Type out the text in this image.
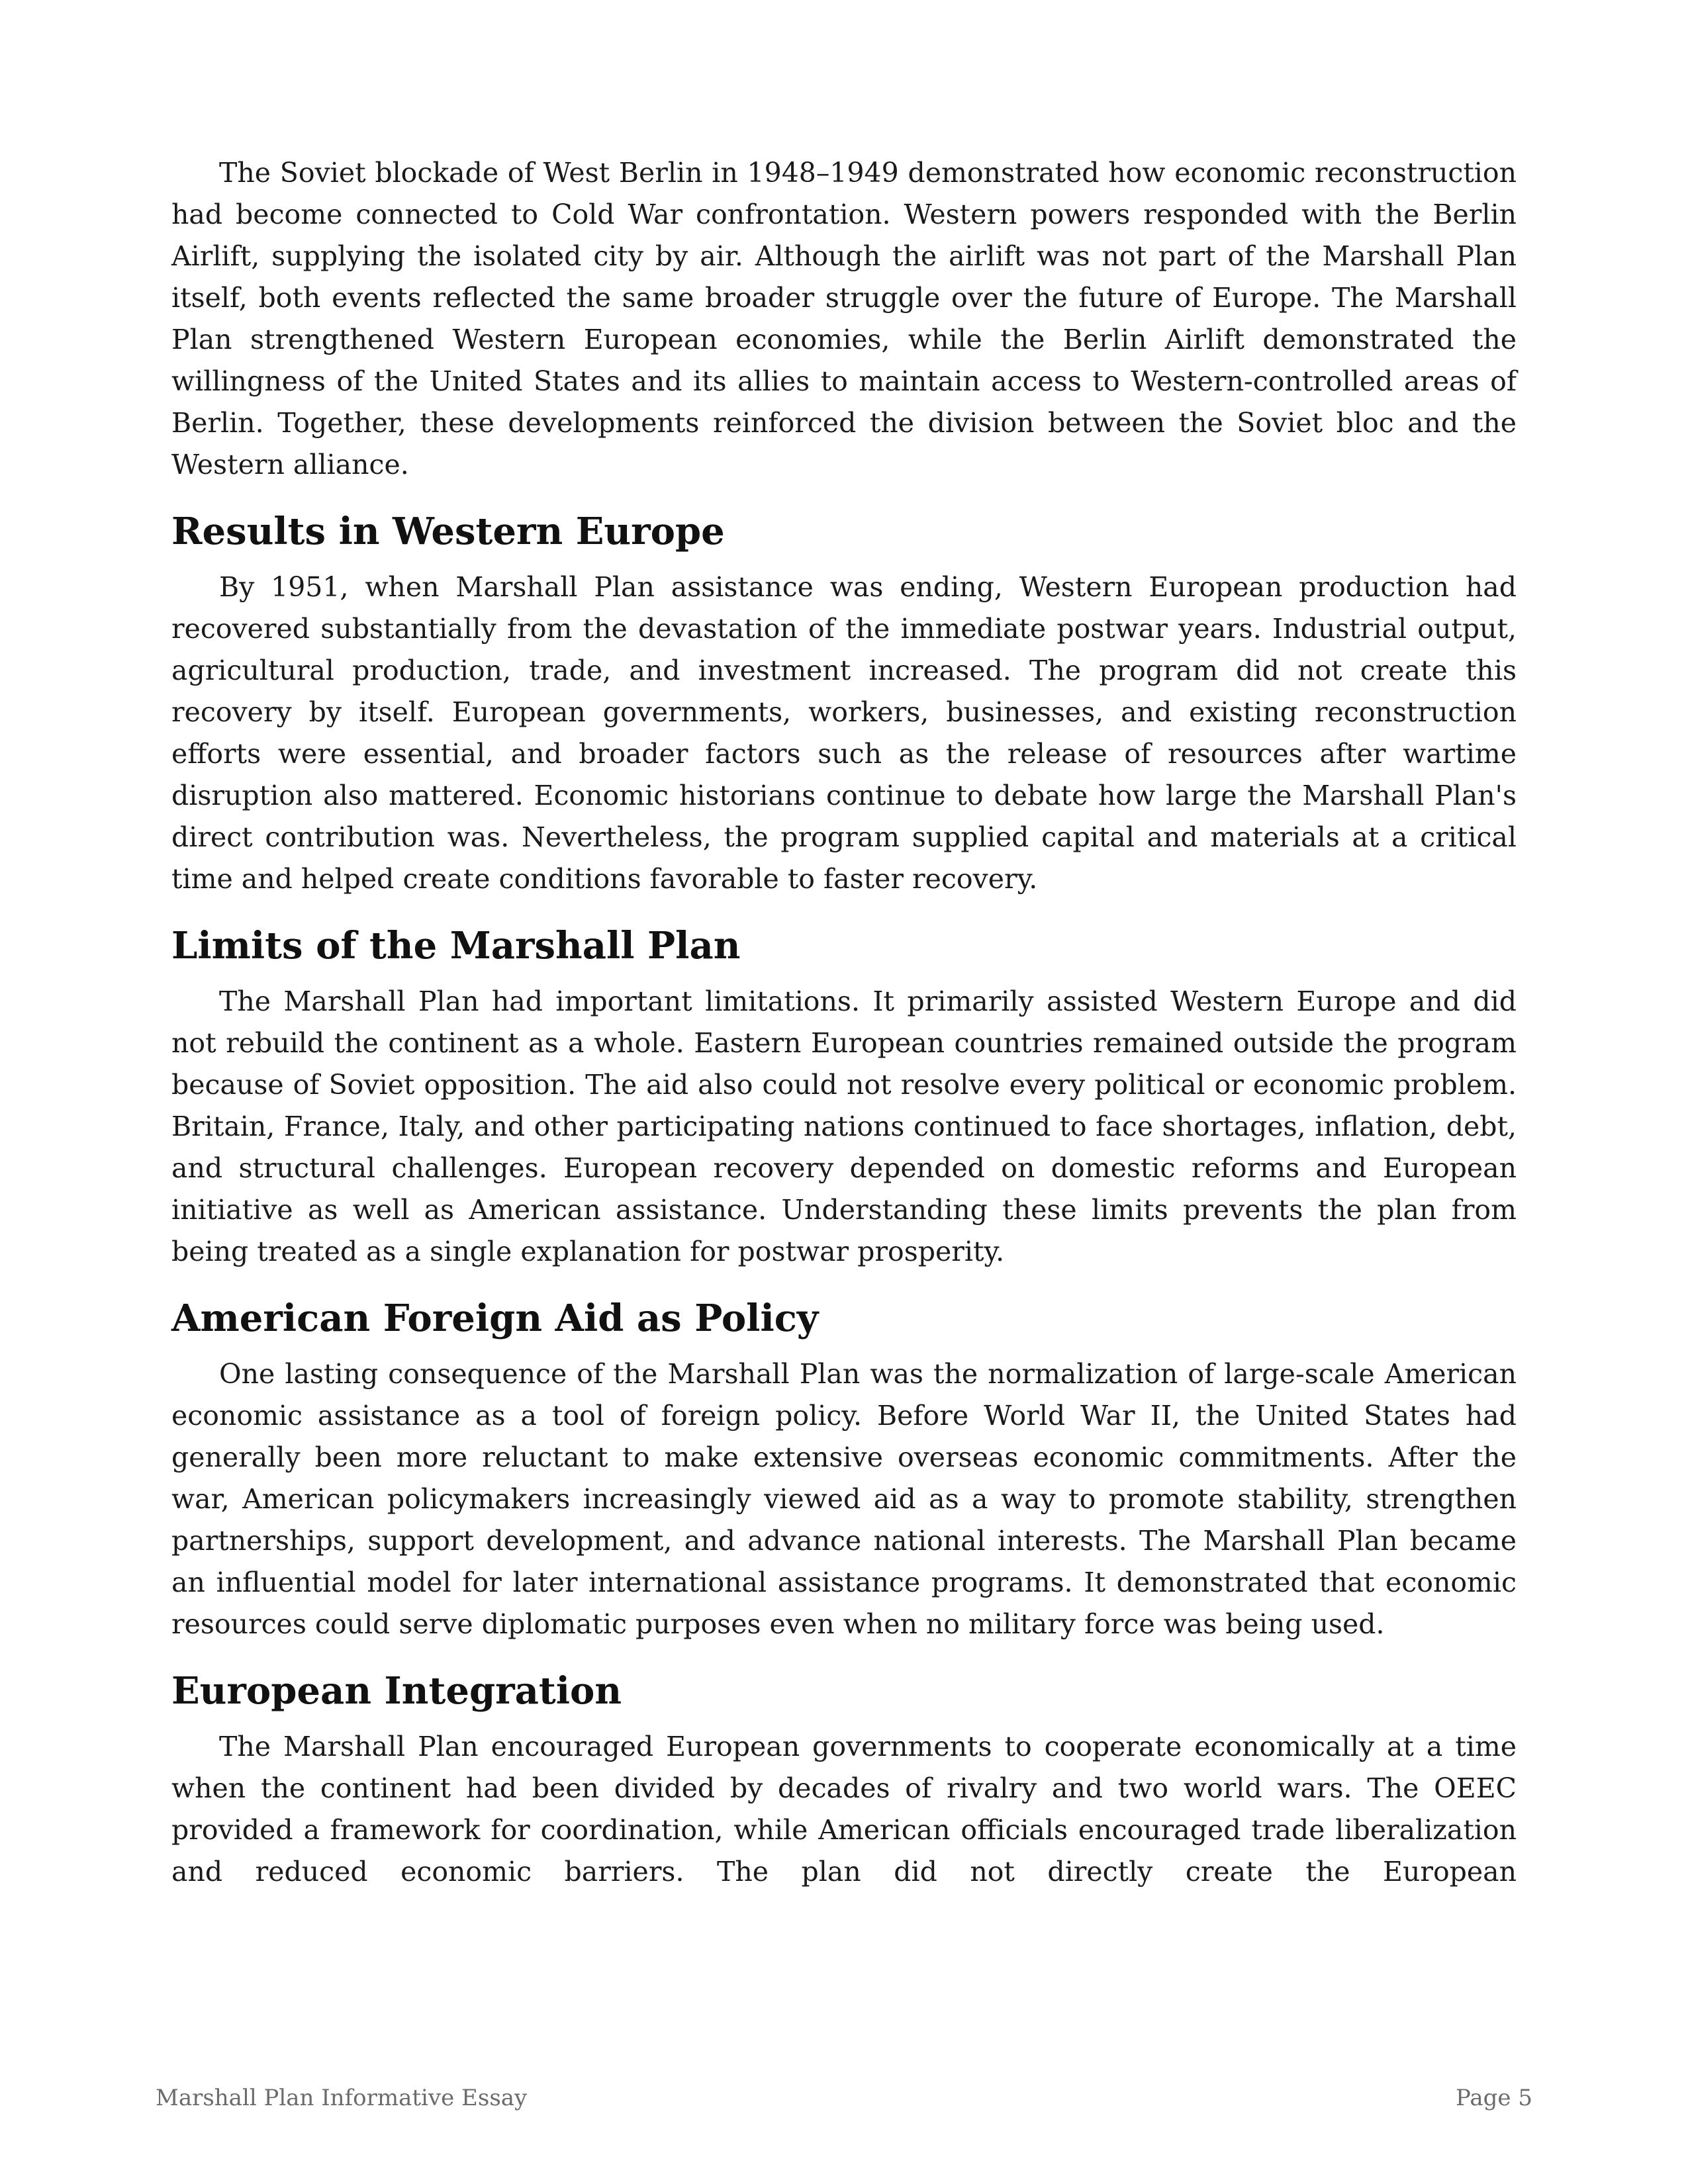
The Soviet blockade of West Berlin in 1948–1949 demonstrated how economic reconstruction had become connected to Cold War confrontation. Western powers responded with the Berlin Airlift, supplying the isolated city by air. Although the airlift was not part of the Marshall Plan itself, both events reflected the same broader struggle over the future of Europe. The Marshall Plan strengthened Western European economies, while the Berlin Airlift demonstrated the willingness of the United States and its allies to maintain access to Western-controlled areas of Berlin. Together, these developments reinforced the division between the Soviet bloc and the Western alliance.

Results in Western Europe

By 1951, when Marshall Plan assistance was ending, Western European production had recovered substantially from the devastation of the immediate postwar years. Industrial output, agricultural production, trade, and investment increased. The program did not create this recovery by itself. European governments, workers, businesses, and existing reconstruction efforts were essential, and broader factors such as the release of resources after wartime disruption also mattered. Economic historians continue to debate how large the Marshall Plan's direct contribution was. Nevertheless, the program supplied capital and materials at a critical time and helped create conditions favorable to faster recovery.

Limits of the Marshall Plan

The Marshall Plan had important limitations. It primarily assisted Western Europe and did not rebuild the continent as a whole. Eastern European countries remained outside the program because of Soviet opposition. The aid also could not resolve every political or economic problem. Britain, France, Italy, and other participating nations continued to face shortages, inflation, debt, and structural challenges. European recovery depended on domestic reforms and European initiative as well as American assistance. Understanding these limits prevents the plan from being treated as a single explanation for postwar prosperity.

American Foreign Aid as Policy

One lasting consequence of the Marshall Plan was the normalization of large-scale American economic assistance as a tool of foreign policy. Before World War II, the United States had generally been more reluctant to make extensive overseas economic commitments. After the war, American policymakers increasingly viewed aid as a way to promote stability, strengthen partnerships, support development, and advance national interests. The Marshall Plan became an influential model for later international assistance programs. It demonstrated that economic resources could serve diplomatic purposes even when no military force was being used.

European Integration

The Marshall Plan encouraged European governments to cooperate economically at a time when the continent had been divided by decades of rivalry and two world wars. The OEEC provided a framework for coordination, while American officials encouraged trade liberalization and reduced economic barriers. The plan did not directly create the European

Marshall Plan Informative Essay	Page 5
